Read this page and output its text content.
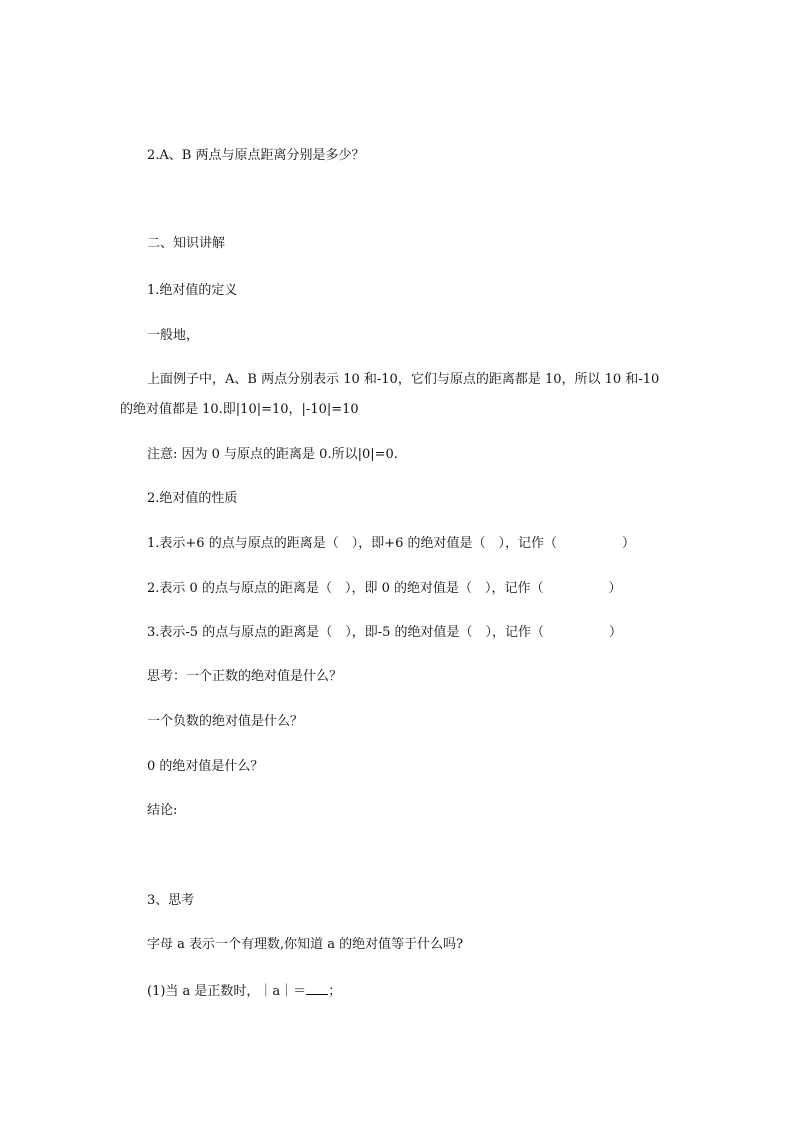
2.A、B 两点与原点距离分别是多少？
二、知识讲解
1.绝对值的定义
一般地，
上面例子中，A、B 两点分别表示 10 和-10，它们与原点的距离都是 10，所以 10 和-10
的绝对值都是 10.即|10|=10，|-10|=10
注意: 因为 0 与原点的距离是 0.所以|0|=0.
2.绝对值的性质
1.表示+6 的点与原点的距离是（　），即+6 的绝对值是（　），记作（　　　　　）
2.表示 0 的点与原点的距离是（　），即 0 的绝对值是（　），记作（　　　　　）
3.表示-5 的点与原点的距离是（　），即-5 的绝对值是（　），记作（　　　　　）
思考：一个正数的绝对值是什么？
一个负数的绝对值是什么？
0 的绝对值是什么？
结论:
3、思考
字母 a 表示一个有理数,你知道 a 的绝对值等于什么吗?
(1)当 a 是正数时，｜a｜＝ ；
